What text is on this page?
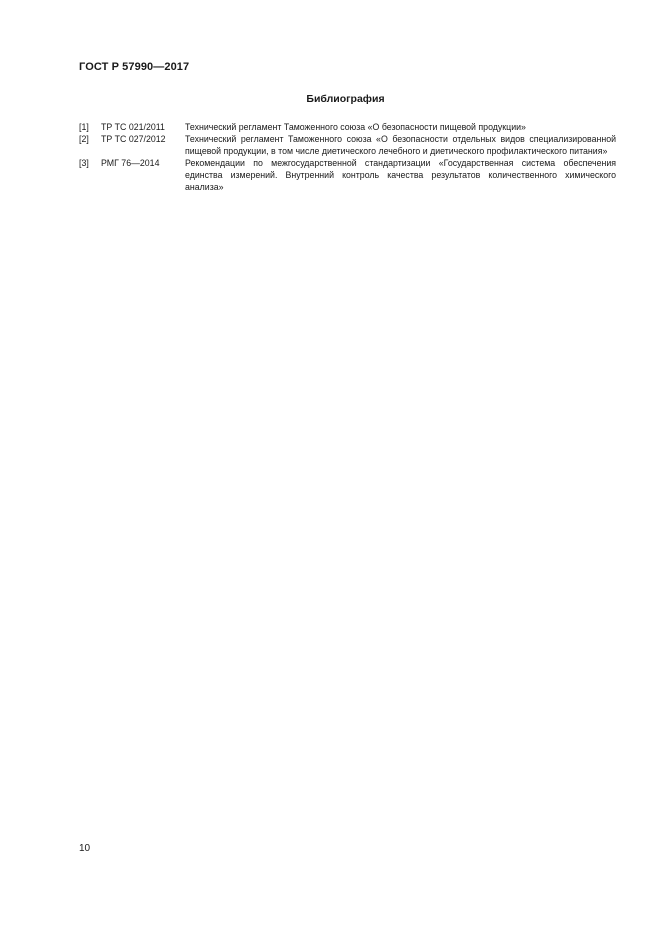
ГОСТ Р 57990—2017
Библиография
[1] ТР ТС 021/2011 Технический регламент Таможенного союза «О безопасности пищевой продукции»
[2] ТР ТС 027/2012 Технический регламент Таможенного союза «О безопасности отдельных видов специализированной пищевой продукции, в том числе диетического лечебного и диетического профилактического питания»
[3] РМГ 76—2014	Рекомендации по межгосударственной стандартизации «Государственная система обеспечения единства измерений. Внутренний контроль качества результатов количественного химического анализа»
10
